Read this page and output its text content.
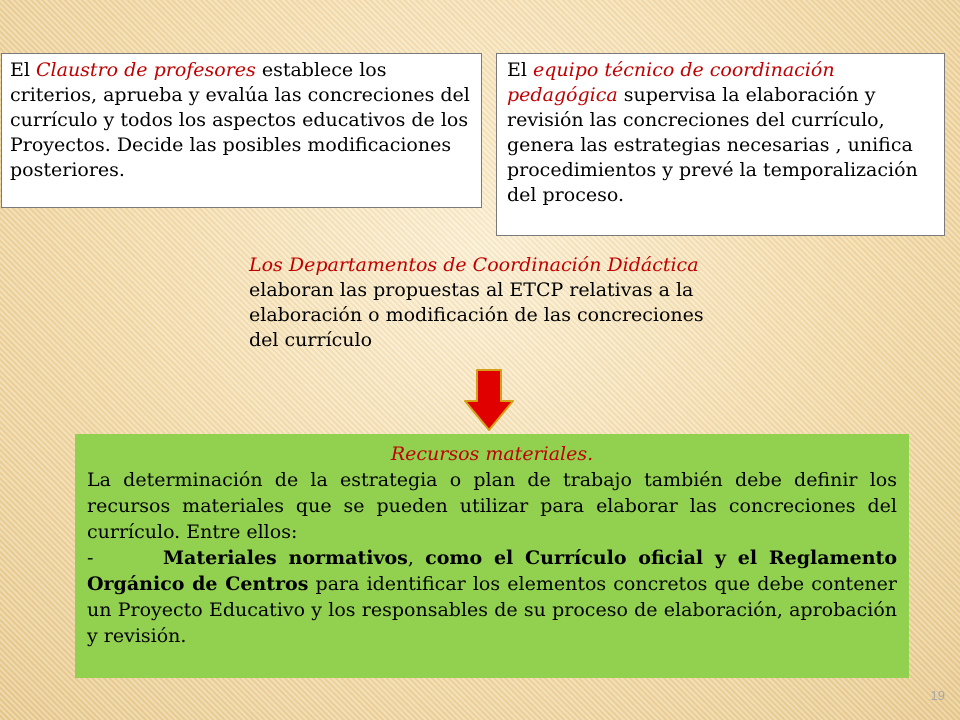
El Claustro de profesores establece los criterios, aprueba y evalúa las concreciones del currículo y todos los aspectos educativos de los Proyectos. Decide las posibles modificaciones posteriores.
El equipo técnico de coordinación pedagógica supervisa la elaboración y revisión las concreciones del currículo, genera las estrategias necesarias , unifica procedimientos y prevé la temporalización del proceso.
Los Departamentos de Coordinación Didáctica elaboran las propuestas al ETCP relativas a la elaboración o modificación de las concreciones del currículo

Recursos materiales.

La determinación de la estrategia o plan de trabajo también debe definir los recursos materiales que se pueden utilizar para elaborar las concreciones del currículo. Entre ellos:

-	Materiales normativos, como el Currículo oficial y el Reglamento Orgánico de Centros para identificar los elementos concretos que debe contener un Proyecto Educativo y los responsables de su proceso de elaboración, aprobación y revisión.

19
